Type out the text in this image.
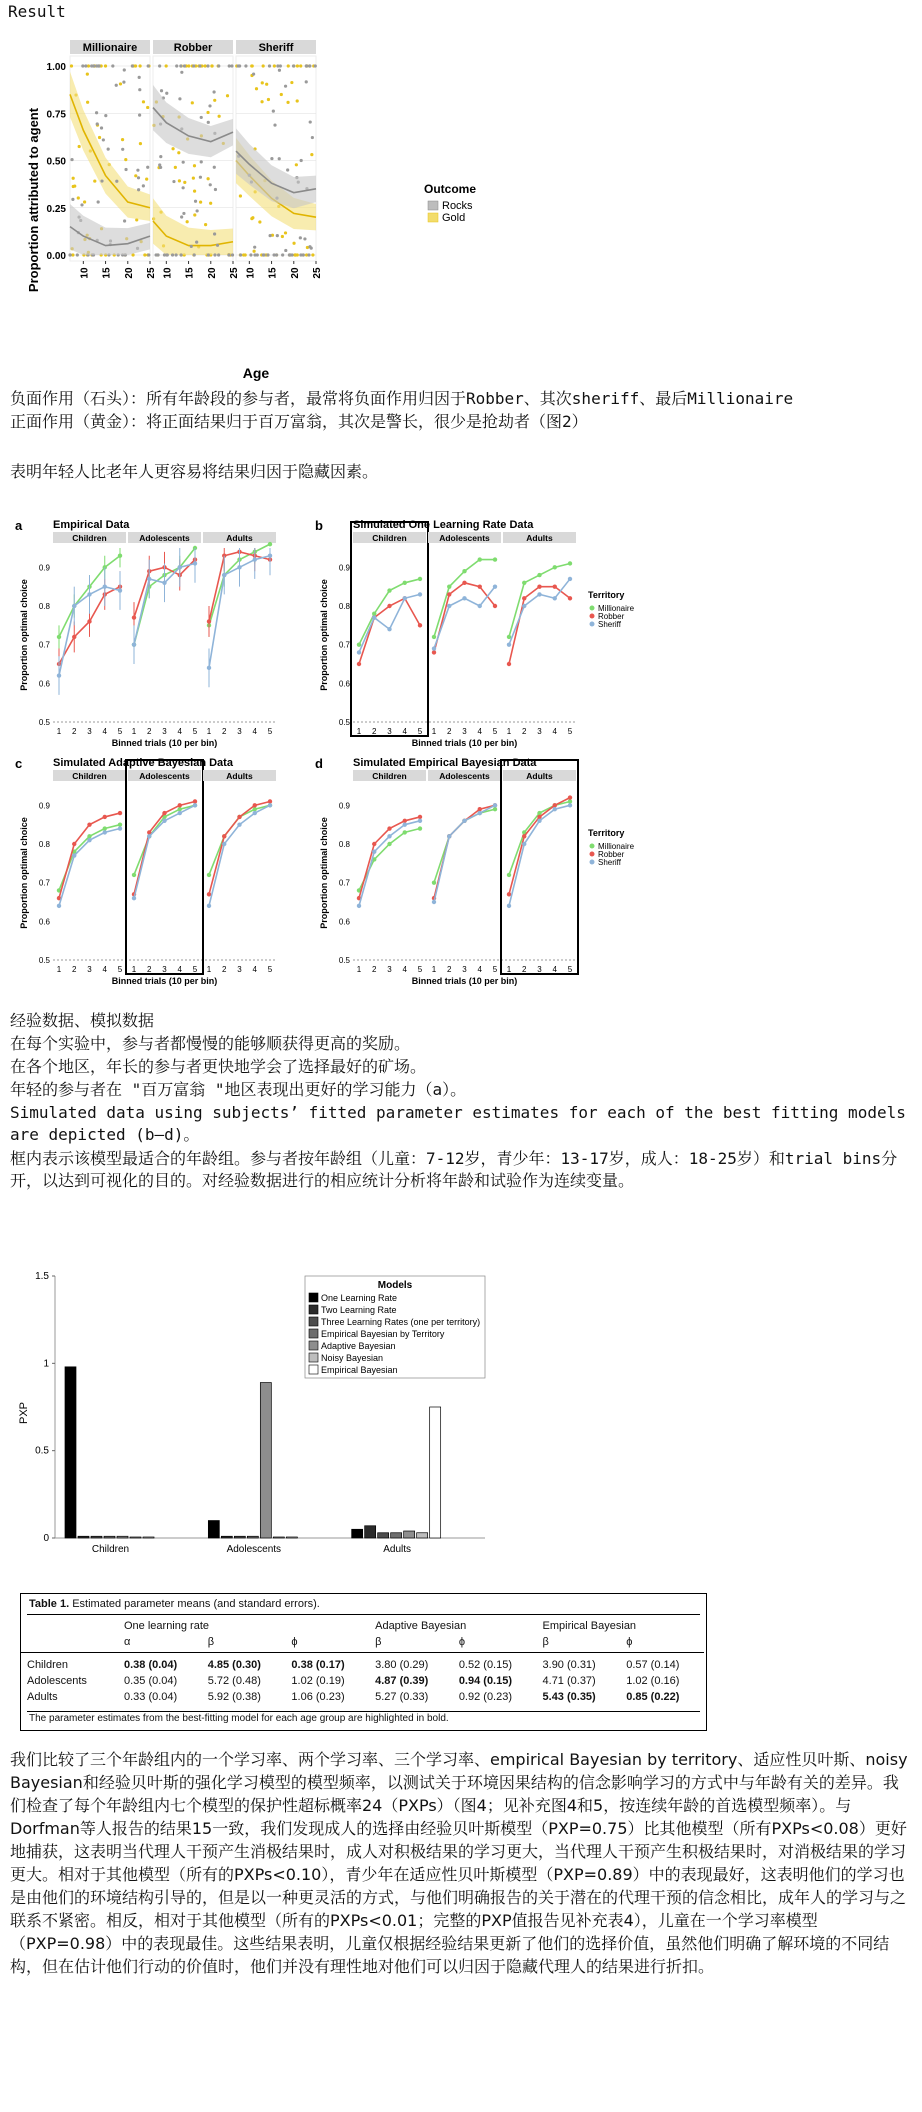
Result
Millionaire
10 15 20 25
Robber
10 15 20 25
Sheriff
10 15 20 25
0.00
0.25
0.50
0.75
1.00
Proportion attributed to agent
Age
Outcome
Rocks
Gold
负面作用（石头）：所有年龄段的参与者，最常将负面作用归因于Robber、其次sheriff、最后Millionaire
正面作用（黄金）：将正面结果归于百万富翁，其次是警长，很少是抢劫者（图2）
表明年轻人比老年人更容易将结果归因于隐藏因素。
a	Empirical Data
Proportion optimal choice
0.5
0.6
0.7
0.8
0.9
Children
1 2 3 4 5
Adolescents
1 2 3 4 5
Adults
1 2 3 4 5
Binned trials (10 per bin)
b	Simulated One Learning Rate Data
Proportion optimal choice
0.5
0.6
0.7
0.8
0.9
Children
1 2 3 4 5
Adolescents
1 2 3 4 5
Adults
1 2 3 4 5
Binned trials (10 per bin)
Territory
Millionaire
Robber
Sheriff
c	Simulated Adaptive Bayesian Data
Proportion optimal choice
0.5
0.6
0.7
0.8
0.9
Children
1 2 3 4 5
Adolescents
1 2 3 4 5
Adults
1 2 3 4 5
Binned trials (10 per bin)
d	Simulated Empirical Bayesian Data
Proportion optimal choice
0.5
0.6
0.7
0.8
0.9
Children
1 2 3 4 5
Adolescents
1 2 3 4 5
Adults
1 2 3 4 5
Binned trials (10 per bin)
Territory
Millionaire
Robber
Sheriff
经验数据、模拟数据
在每个实验中，参与者都慢慢的能够顺获得更高的奖励。
在各个地区，年长的参与者更快地学会了选择最好的矿场。
年轻的参与者在 "百万富翁 "地区表现出更好的学习能力（a）。
Simulated data using subjects’ fitted parameter estimates for each of the best fitting models are depicted (b–d)。
框内表示该模型最适合的年龄组。参与者按年龄组（儿童：7-12岁，青少年：13-17岁，成人：18-25岁）和trial bins分开，以达到可视化的目的。对经验数据进行的相应统计分析将年龄和试验作为连续变量。
0
0.5
1
1.5
Children	Adolescents	Adults
Models
One Learning Rate
Two Learning Rate
Three Learning Rates (one per territory)
Empirical Bayesian by Territory
Adaptive Bayesian
Noisy Bayesian
Empirical Bayesian
PXP
Table 1. Estimated parameter means (and standard errors).
	One learning rate			Adaptive Bayesian		Empirical Bayesian	
	α	β	ϕ	β	ϕ	β	ϕ

Children	0.38 (0.04)	4.85 (0.30)	0.38 (0.17)	3.80 (0.29)	0.52 (0.15)	3.90 (0.31)	0.57 (0.14)
Adolescents	0.35 (0.04)	5.72 (0.48)	1.02 (0.19)	4.87 (0.39)	0.94 (0.15)	4.71 (0.37)	1.02 (0.16)
Adults	0.33 (0.04)	5.92 (0.38)	1.06 (0.23)	5.27 (0.33)	0.92 (0.23)	5.43 (0.35)	0.85 (0.22)
The parameter estimates from the best-fitting model for each age group are highlighted in bold.
我们比较了三个年龄组内的一个学习率、两个学习率、三个学习率、empirical Bayesian by territory、适应性贝叶斯、noisy Bayesian和经验贝叶斯的强化学习模型的模型频率，以测试关于环境因果结构的信念影响学习的方式中与年龄有关的差异。我们检查了每个年龄组内七个模型的保护性超标概率24（PXPs）（图4；见补充图4和5，按连续年龄的首选模型频率）。与Dorfman等人报告的结果15一致，我们发现成人的选择由经验贝叶斯模型（PXP=0.75）比其他模型（所有PXPs<0.08）更好地捕获，这表明当代理人干预产生消极结果时，成人对积极结果的学习更大，当代理人干预产生积极结果时，对消极结果的学习更大。相对于其他模型（所有的PXPs<0.10），青少年在适应性贝叶斯模型（PXP=0.89）中的表现最好，这表明他们的学习也是由他们的环境结构引导的，但是以一种更灵活的方式，与他们明确报告的关于潜在的代理干预的信念相比，成年人的学习与之联系不紧密。相反，相对于其他模型（所有的PXPs<0.01；完整的PXP值报告见补充表4），儿童在一个学习率模型（PXP=0.98）中的表现最佳。这些结果表明，儿童仅根据经验结果更新了他们的选择价值，虽然他们明确了解环境的不同结构，但在估计他们行动的价值时，他们并没有理性地对他们可以归因于隐藏代理人的结果进行折扣。
